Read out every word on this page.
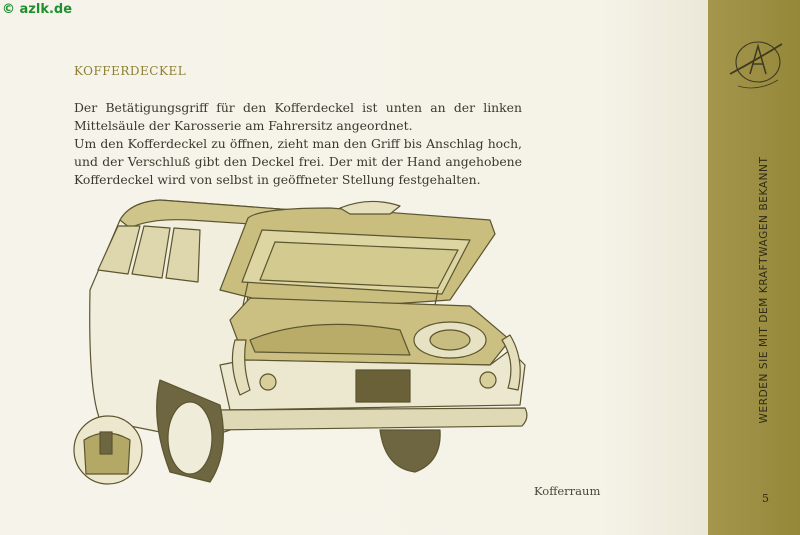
© azlk.de
KOFFERDECKEL

Der Betätigungsgriff für den Kofferdeckel ist unten an der linken Mittelsäule der Karosserie am Fahrersitz angeordnet.

Um den Kofferdeckel zu öffnen, zieht man den Griff bis Anschlag hoch, und der Verschluß gibt den Deckel frei. Der mit der Hand angehobene Kofferdeckel wird von selbst in geöffneter Stellung festgehalten.

Kofferraum
WERDEN SIE MIT DEM KRAFTWAGEN BEKANNT
5
